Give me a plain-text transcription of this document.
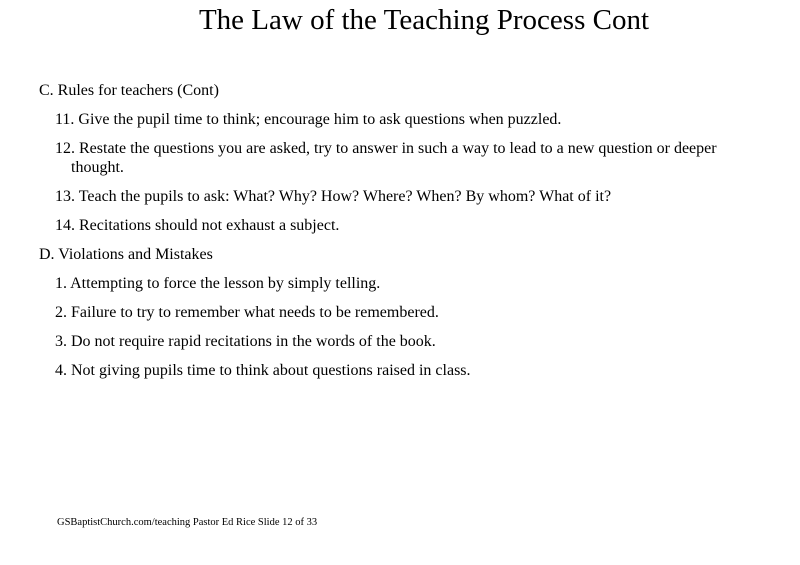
The Law of the Teaching Process Cont
C. Rules for teachers (Cont)
11. Give the pupil time to think; encourage him to ask questions when puzzled.
12. Restate the questions you are asked, try to answer in such a way to lead to a new question or deeper thought.
13. Teach the pupils to ask: What? Why? How? Where? When? By whom? What of it?
14. Recitations should not exhaust a subject.
D. Violations and Mistakes
1. Attempting to force the lesson by simply telling.
2. Failure to try to remember what needs to be remembered.
3. Do not require rapid recitations in the words of the book.
4. Not giving pupils time to think about questions raised in class.
GSBaptistChurch.com/teaching Pastor Ed Rice Slide 12 of 33
